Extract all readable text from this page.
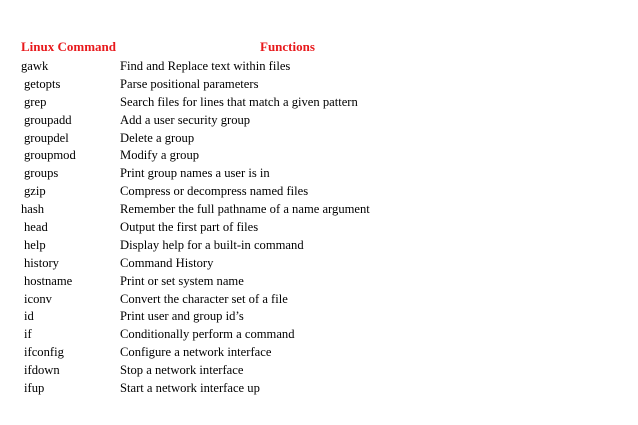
Linux Command	Functions
gawk	Find and Replace text within files
getopts	Parse positional parameters
grep	Search files for lines that match a given pattern
groupadd	Add a user security group
groupdel	Delete a group
groupmod	Modify a group
groups	Print group names a user is in
gzip	Compress or decompress named files
hash	Remember the full pathname of a name argument
head	Output the first part of files
help	Display help for a built-in command
history	Command History
hostname	Print or set system name
iconv	Convert the character set of a file
id	Print user and group id’s
if	Conditionally perform a command
ifconfig	Configure a network interface
ifdown	Stop a network interface
ifup	Start a network interface up
